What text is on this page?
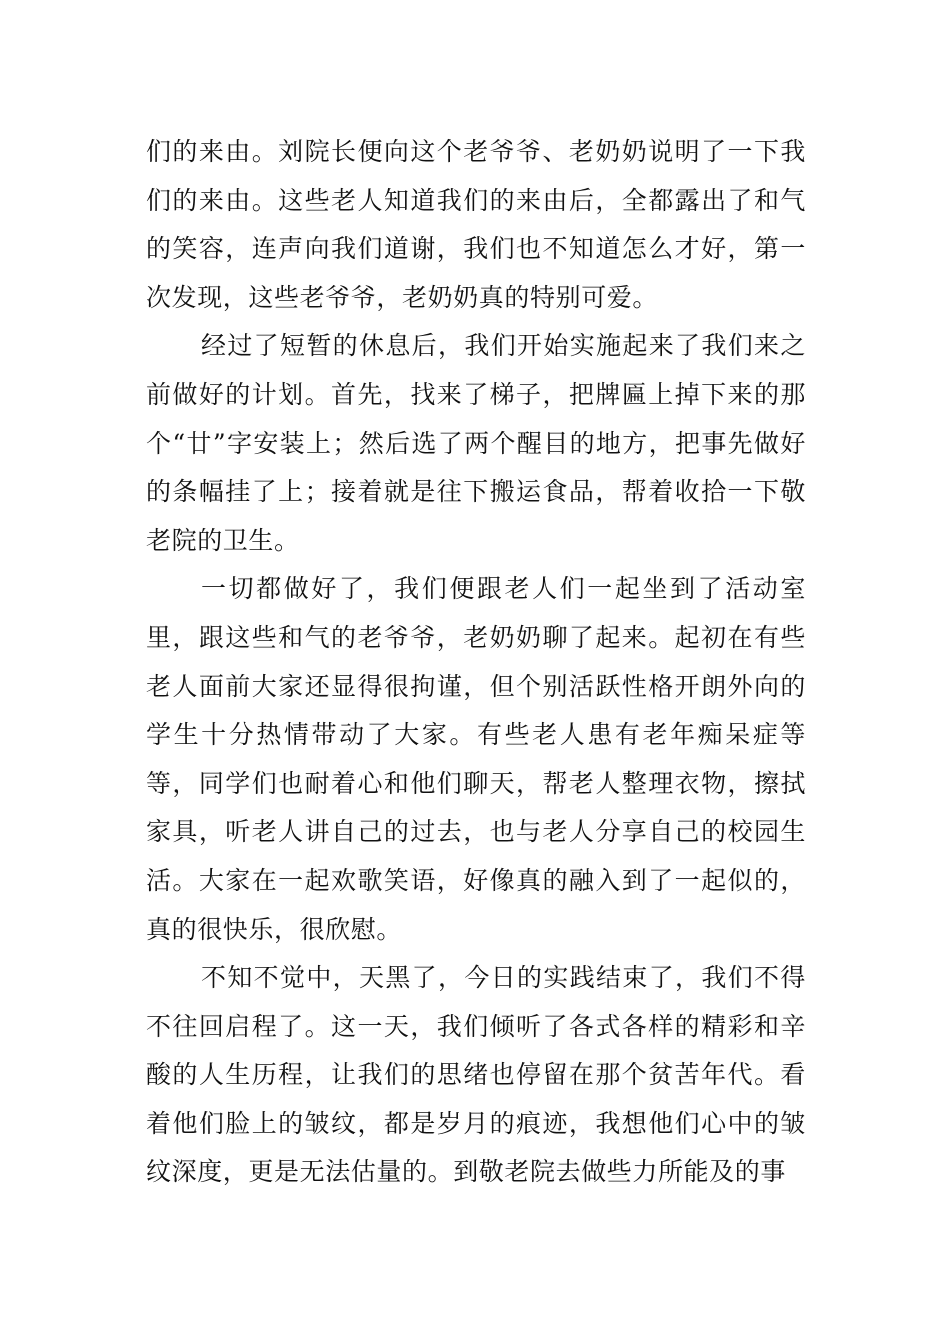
们的来由。刘院长便向这个老爷爷、老奶奶说明了一下我们的来由。这些老人知道我们的来由后，全都露出了和气的笑容，连声向我们道谢，我们也不知道怎么才好，第一次发现，这些老爷爷，老奶奶真的特别可爱。

经过了短暂的休息后，我们开始实施起来了我们来之前做好的计划。首先，找来了梯子，把牌匾上掉下来的那个“廿”字安装上；然后选了两个醒目的地方，把事先做好的条幅挂了上；接着就是往下搬运食品，帮着收拾一下敬老院的卫生。

一切都做好了，我们便跟老人们一起坐到了活动室里，跟这些和气的老爷爷，老奶奶聊了起来。起初在有些老人面前大家还显得很拘谨，但个别活跃性格开朗外向的学生十分热情带动了大家。有些老人患有老年痴呆症等等，同学们也耐着心和他们聊天，帮老人整理衣物，擦拭家具，听老人讲自己的过去，也与老人分享自己的校园生活。大家在一起欢歌笑语，好像真的融入到了一起似的，真的很快乐，很欣慰。

不知不觉中，天黑了，今日的实践结束了，我们不得不往回启程了。这一天，我们倾听了各式各样的精彩和辛酸的人生历程，让我们的思绪也停留在那个贫苦年代。看着他们脸上的皱纹，都是岁月的痕迹，我想他们心中的皱纹深度，更是无法估量的。到敬老院去做些力所能及的事
